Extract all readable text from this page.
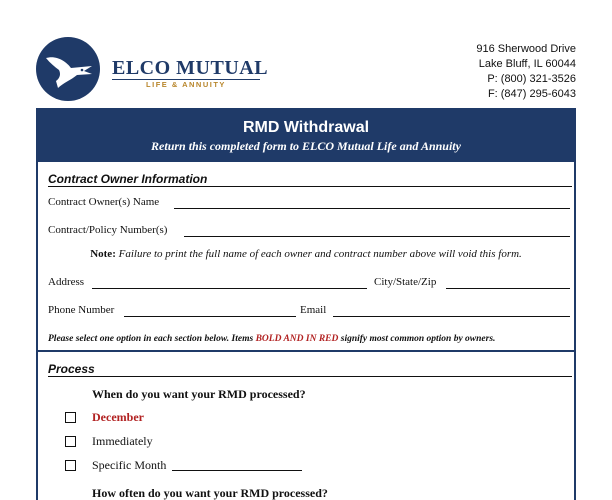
ELCO MUTUAL
LIFE & ANNUITY
916 Sherwood Drive
Lake Bluff, IL 60044
P: (800) 321-3526
F: (847) 295-6043
RMD Withdrawal
Return this completed form to ELCO Mutual Life and Annuity
Contract Owner Information
Contract Owner(s) Name
Contract/Policy Number(s)
Note: Failure to print the full name of each owner and contract number above will void this form.
Address	City/State/Zip
Phone Number	Email
Please select one option in each section below. Items BOLD AND IN RED signify most common option by owners.
Process
When do you want your RMD processed?
December
Immediately
Specific Month
How often do you want your RMD processed?
